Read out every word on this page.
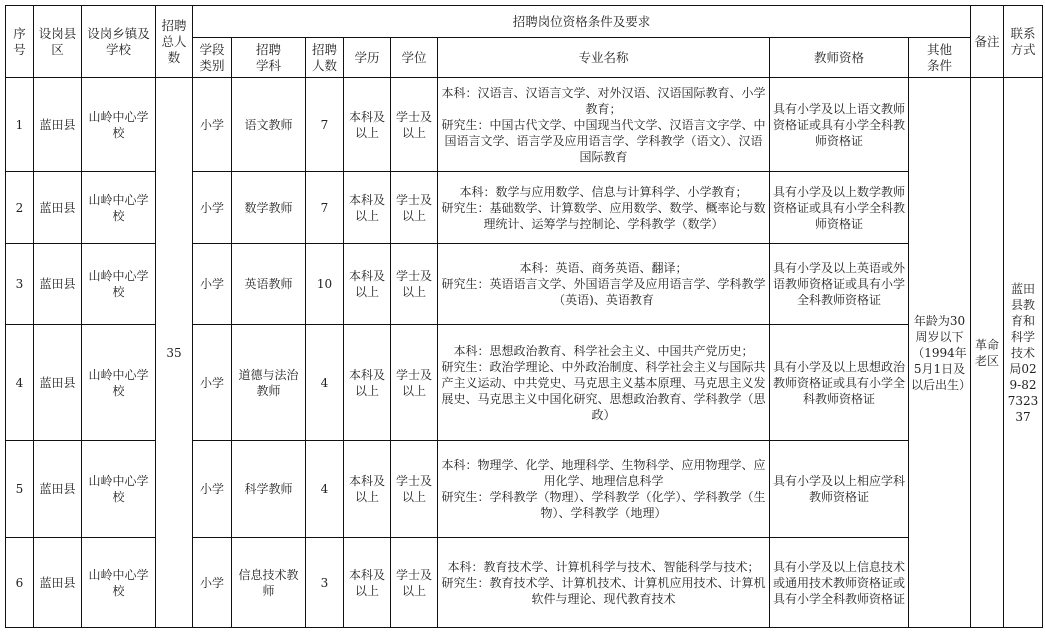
序号	设岗县区	设岗乡镇及学校	招聘总人数	招聘岗位资格条件及要求								备注	联系方式
				学段类别	招聘学科	招聘人数	学历	学位	专业名称	教师资格	其他条件		
1	蓝田县	山岭中心学校	35	小学	语文教师	7	本科及以上	学士及以上	本科：汉语言、汉语言文学、对外汉语、汉语国际教育、小学教育；
研究生：中国古代文学、中国现当代文学、汉语言文字学、中国语言文学、语言学及应用语言学、学科教学（语文）、汉语国际教育	具有小学及以上语文教师资格证或具有小学全科教师资格证	年龄为30周岁以下（1994年5月1日及以后出生）	革命老区	蓝田县教育和科学技术局029-82732337
2	蓝田县	山岭中心学校		小学	数学教师	7	本科及以上	学士及以上	本科：数学与应用数学、信息与计算科学、小学教育；
研究生：基础数学、计算数学、应用数学、数学、概率论与数理统计、运筹学与控制论、学科教学（数学）	具有小学及以上数学教师资格证或具有小学全科教师资格证			
3	蓝田县	山岭中心学校		小学	英语教师	10	本科及以上	学士及以上	本科：英语、商务英语、翻译；
研究生：英语语言文学、外国语言学及应用语言学、学科教学（英语)、英语教育	具有小学及以上英语或外语教师资格证或具有小学全科教师资格证			
4	蓝田县	山岭中心学校		小学	道德与法治教师	4	本科及以上	学士及以上	本科：思想政治教育、科学社会主义、中国共产党历史；
研究生：政治学理论、中外政治制度、科学社会主义与国际共产主义运动、中共党史、马克思主义基本原理、马克思主义发展史、马克思主义中国化研究、思想政治教育、学科教学（思政）	具有小学及以上思想政治教师资格证或具有小学全科教师资格证			
5	蓝田县	山岭中心学校		小学	科学教师	4	本科及以上	学士及以上	本科：物理学、化学、地理科学、生物科学、应用物理学、应用化学、地理信息科学
研究生：学科教学（物理）、学科教学（化学）、学科教学（生物）、学科教学（地理）	具有小学及以上相应学科教师资格证			
6	蓝田县	山岭中心学校		小学	信息技术教师	3	本科及以上	学士及以上	本科：教育技术学、计算机科学与技术、智能科学与技术；
研究生：教育技术学、计算机技术、计算机应用技术、计算机软件与理论、现代教育技术	具有小学及以上信息技术或通用技术教师资格证或具有小学全科教师资格证			
